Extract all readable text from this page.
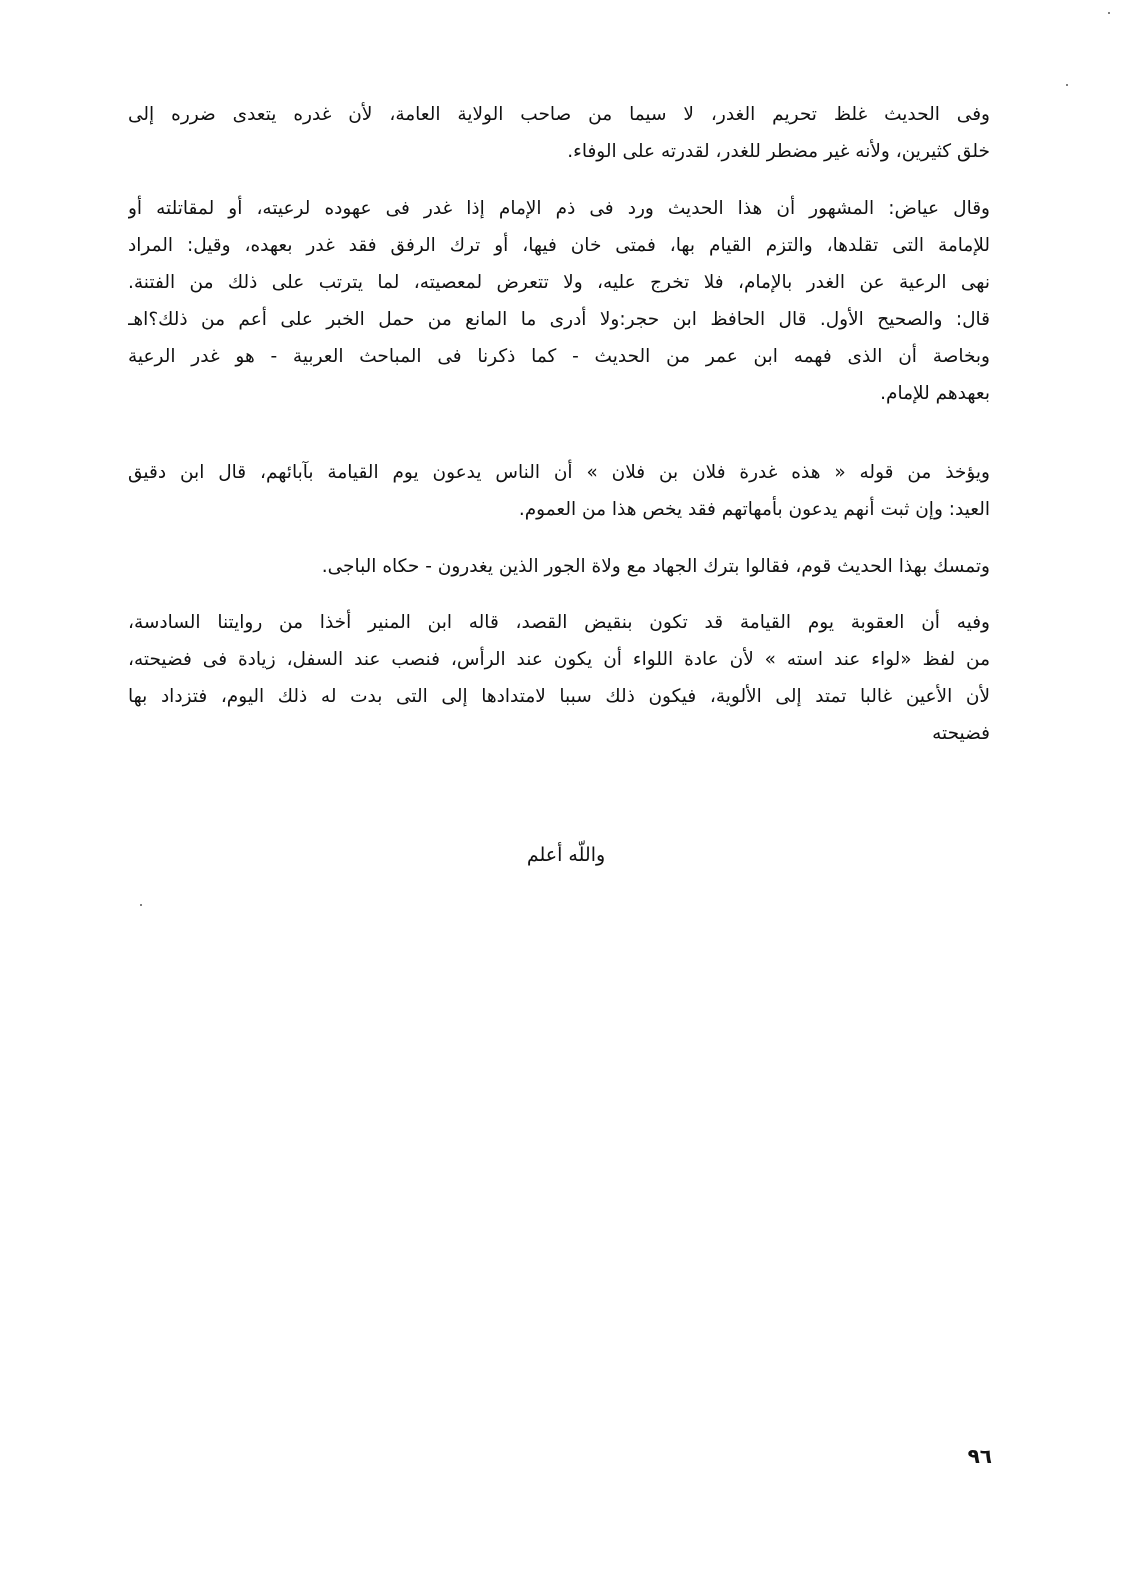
وفى الحديث غلظ تحريم الغدر، لا سيما من صاحب الولاية العامة، لأن غدره يتعدى ضرره إلى
خلق كثيرين، ولأنه غير مضطر للغدر، لقدرته على الوفاء.
وقال عياض: المشهور أن هذا الحديث ورد فى ذم الإمام إذا غدر فى عهوده لرعيته، أو لمقاتلته أو
للإمامة التى تقلدها، والتزم القيام بها، فمتى خان فيها، أو ترك الرفق فقد غدر بعهده، وقيل: المراد
نهى الرعية عن الغدر بالإمام، فلا تخرج عليه، ولا تتعرض لمعصيته، لما يترتب على ذلك من الفتنة.
قال: والصحيح الأول. قال الحافظ ابن حجر:ولا أدرى ما المانع من حمل الخبر على أعم من ذلك؟اهـ
وبخاصة أن الذى فهمه ابن عمر من الحديث - كما ذكرنا فى المباحث العربية - هو غدر الرعية
بعهدهم للإمام.
ويؤخذ من قوله « هذه غدرة فلان بن فلان » أن الناس يدعون يوم القيامة بآبائهم، قال ابن دقيق
العيد: وإن ثبت أنهم يدعون بأمهاتهم فقد يخص هذا من العموم.
وتمسك بهذا الحديث قوم، فقالوا بترك الجهاد مع ولاة الجور الذين يغدرون - حكاه الباجى.
وفيه أن العقوبة يوم القيامة قد تكون بنقيض القصد، قاله ابن المنير أخذا من روايتنا السادسة،
من لفظ «لواء عند استه » لأن عادة اللواء أن يكون عند الرأس، فنصب عند السفل، زيادة فى فضيحته،
لأن الأعين غالبا تمتد إلى الألوية، فيكون ذلك سببا لامتدادها إلى التى بدت له ذلك اليوم، فتزداد بها
فضيحته
واللّه أعلم
٩٦
